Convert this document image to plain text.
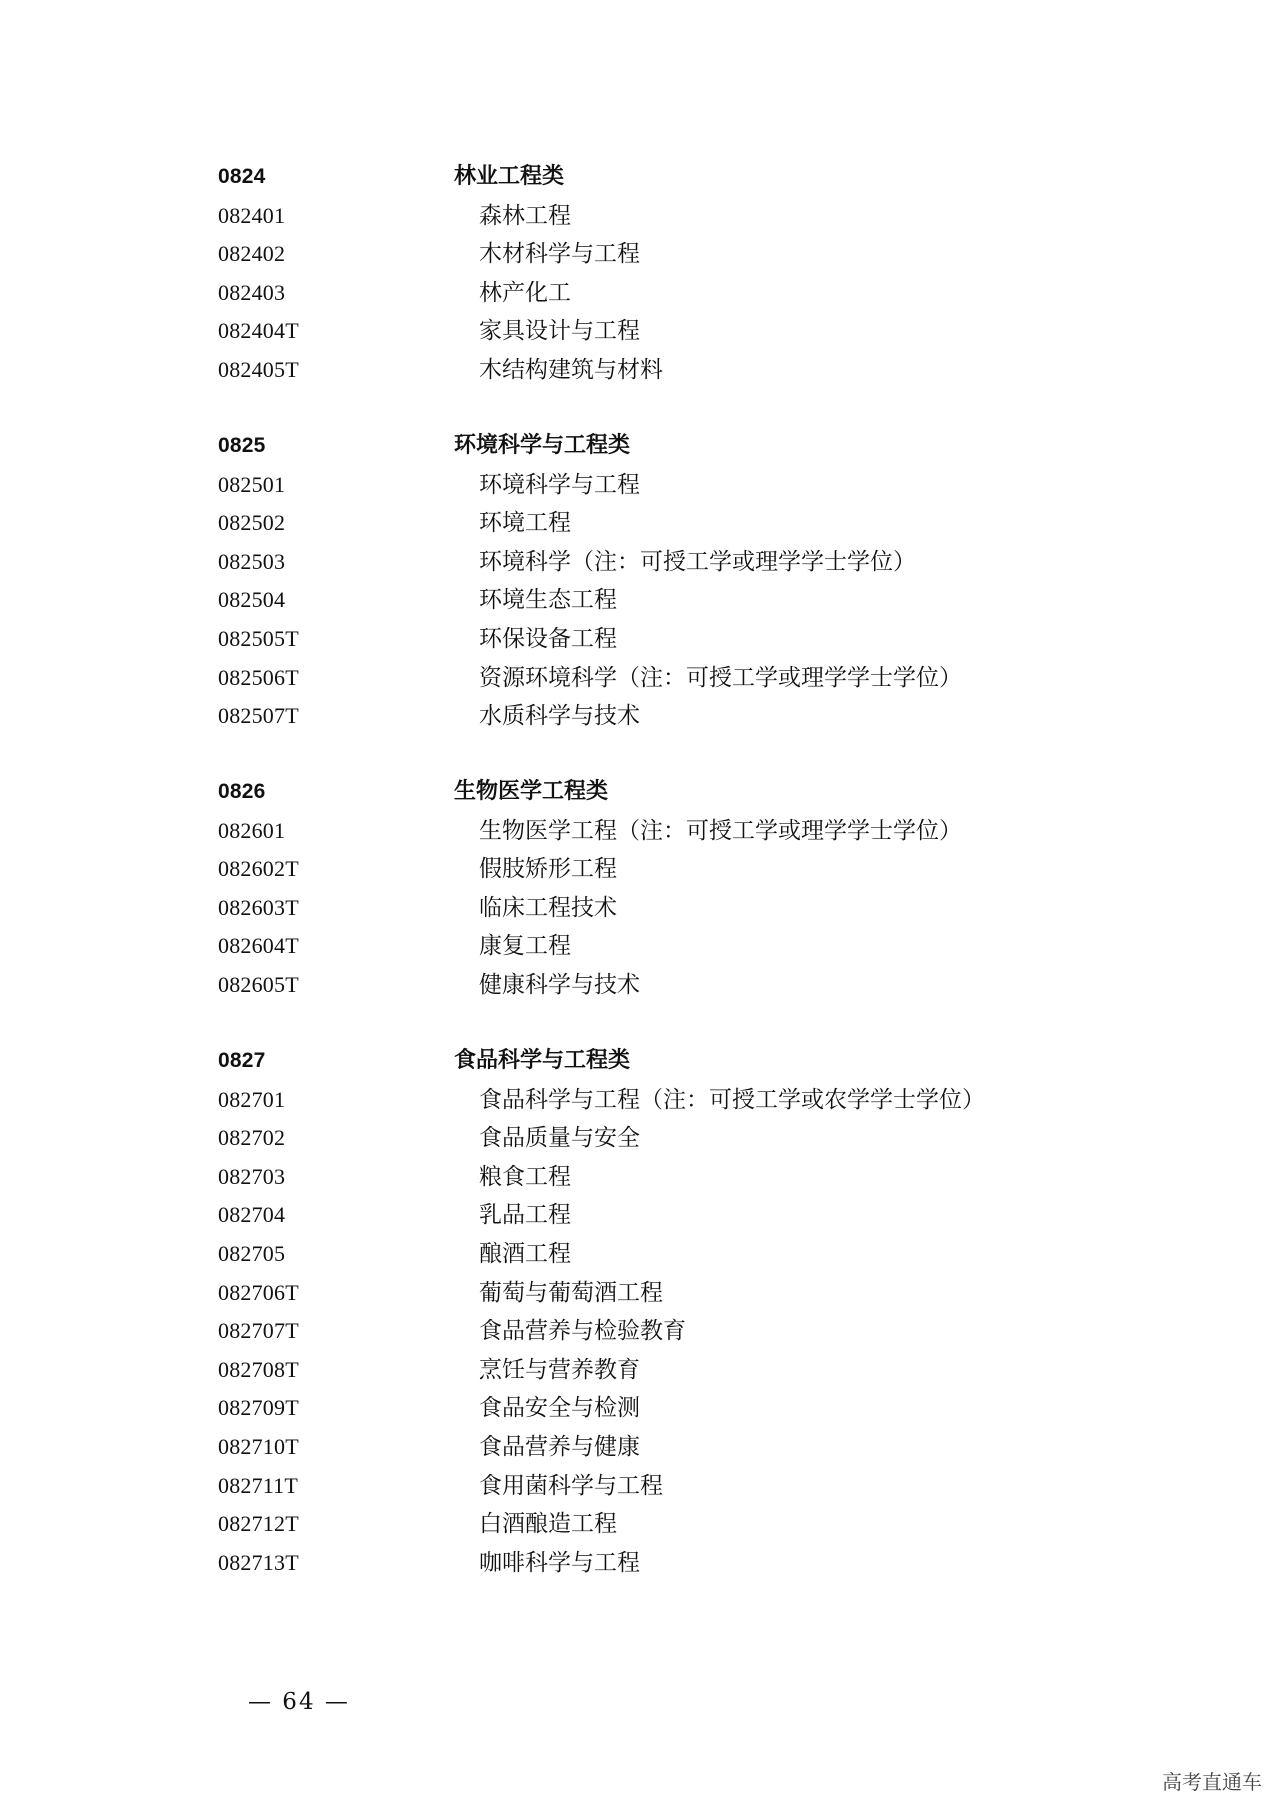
0824	林业工程类
082401	森林工程
082402	木材科学与工程
082403	林产化工
082404T	家具设计与工程
082405T	木结构建筑与材料
0825	环境科学与工程类
082501	环境科学与工程
082502	环境工程
082503	环境科学（注：可授工学或理学学士学位）
082504	环境生态工程
082505T	环保设备工程
082506T	资源环境科学（注：可授工学或理学学士学位）
082507T	水质科学与技术
0826	生物医学工程类
082601	生物医学工程（注：可授工学或理学学士学位）
082602T	假肢矫形工程
082603T	临床工程技术
082604T	康复工程
082605T	健康科学与技术
0827	食品科学与工程类
082701	食品科学与工程（注：可授工学或农学学士学位）
082702	食品质量与安全
082703	粮食工程
082704	乳品工程
082705	酿酒工程
082706T	葡萄与葡萄酒工程
082707T	食品营养与检验教育
082708T	烹饪与营养教育
082709T	食品安全与检测
082710T	食品营养与健康
082711T	食用菌科学与工程
082712T	白酒酿造工程
082713T	咖啡科学与工程
— 64 —
高考直通车
